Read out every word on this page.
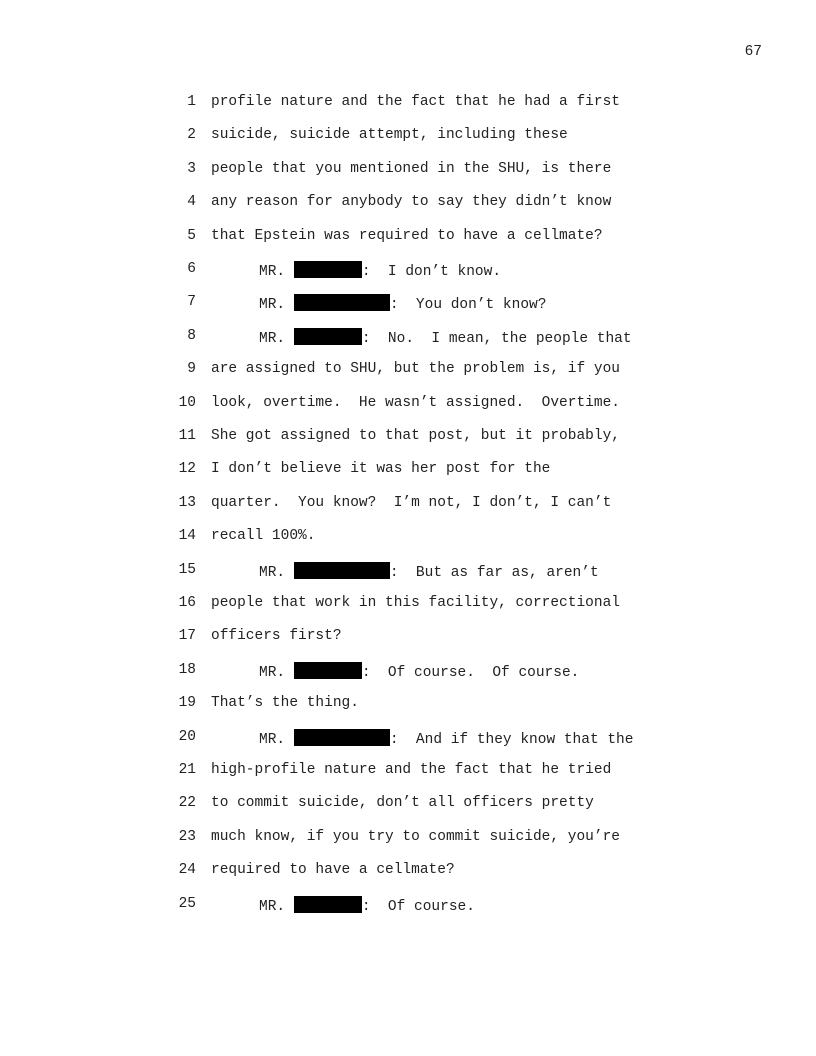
67
1 profile nature and the fact that he had a first
2 suicide, suicide attempt, including these
3 people that you mentioned in the SHU, is there
4 any reason for anybody to say they didn’t know
5 that Epstein was required to have a cellmate?
6	MR.	:  I don’t know.
7	MR.	:  You don’t know?
8	MR.	:  No.  I mean, the people that
9 are assigned to SHU, but the problem is, if you
10 look, overtime.  He wasn’t assigned.  Overtime.
11 She got assigned to that post, but it probably,
12 I don’t believe it was her post for the
13 quarter.  You know?  I’m not, I don’t, I can’t
14 recall 100%.
15	MR.	:  But as far as, aren’t
16 people that work in this facility, correctional
17 officers first?
18	MR.	:  Of course.  Of course.
19 That’s the thing.
20	MR.	:  And if they know that the
21 high-profile nature and the fact that he tried
22 to commit suicide, don’t all officers pretty
23 much know, if you try to commit suicide, you’re
24 required to have a cellmate?
25	MR.	:  Of course.
